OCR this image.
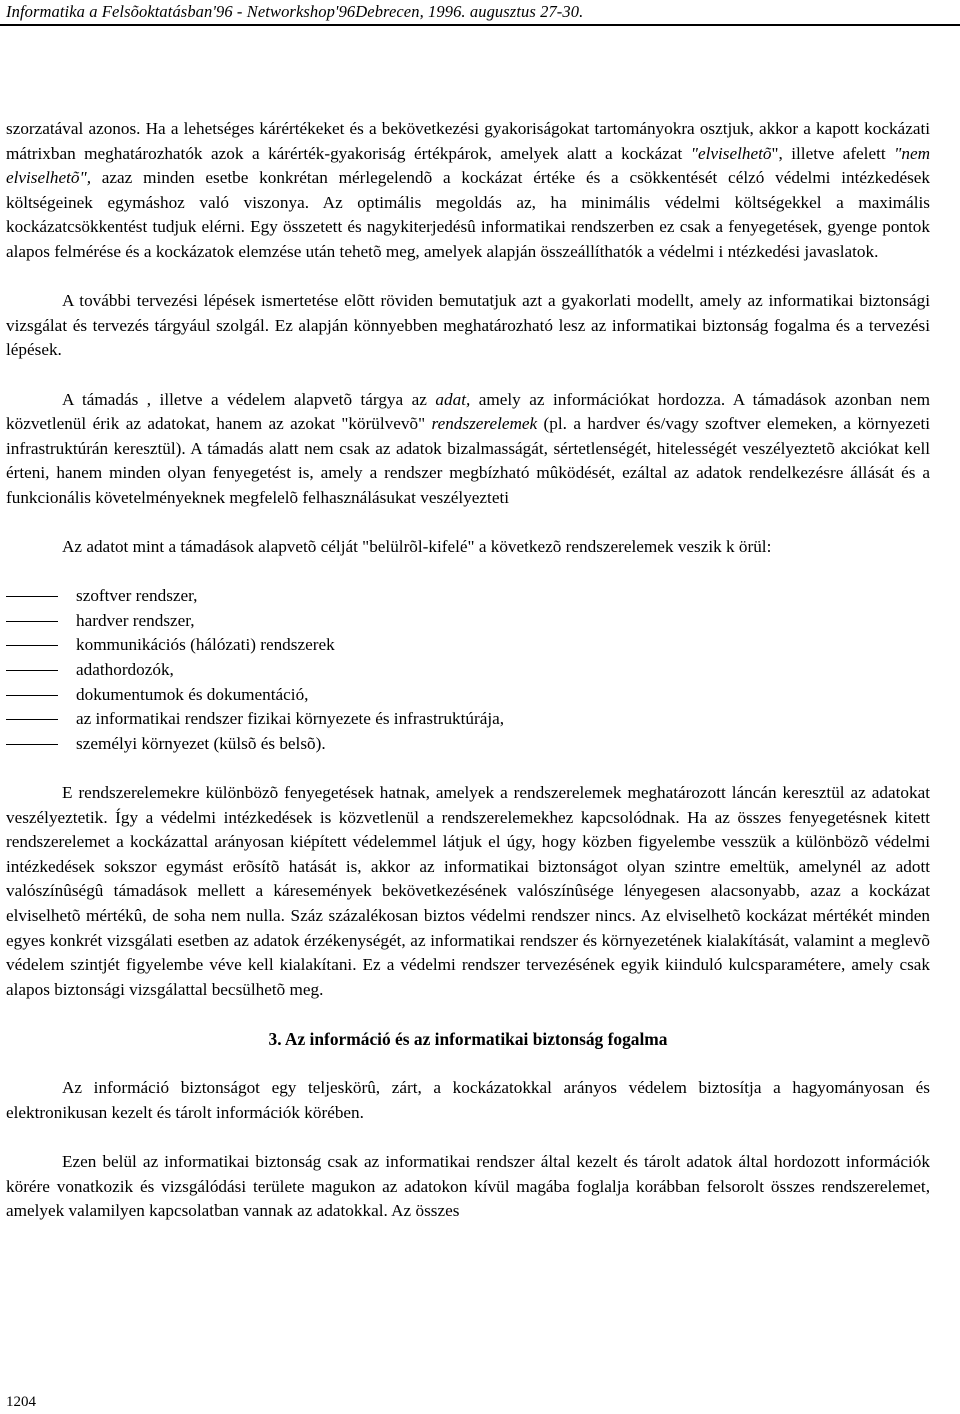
Informatika a Felsõoktatásban'96 - Networkshop'96Debrecen, 1996. augusztus 27-30.

szorzatával azonos. Ha a lehetséges kárértékeket és a bekövetkezési gyakoriságokat tartományokra osztjuk, akkor a kapott kockázati mátrixban meghatározhatók azok a kárérték-gyakoriság értékpárok, amelyek alatt a kockázat "elviselhetõ", illetve afelett "nem elviselhetõ", azaz minden esetbe konkrétan mérlegelendõ a kockázat értéke és a csökkentését célzó védelmi intézkedések költségeinek egymáshoz való viszonya. Az optimális megoldás az, ha minimális védelmi költségekkel a maximális kockázatcsökkentést tudjuk elérni. Egy összetett és nagykiterjedésû informatikai rendszerben ez csak a fenyegetések, gyenge pontok alapos felmérése és a kockázatok elemzése után tehetõ meg, amelyek alapján összeállíthatók a védelmi i ntézkedési javaslatok.

A további tervezési lépések ismertetése elõtt röviden bemutatjuk azt a gyakorlati modellt, amely az informatikai biztonsági vizsgálat és tervezés tárgyául szolgál. Ez alapján könnyebben meghatározható lesz az informatikai biztonság fogalma és a tervezési lépések.

A támadás , illetve a védelem alapvetõ tárgya az adat, amely az információkat hordozza. A támadások azonban nem közvetlenül érik az adatokat, hanem az azokat "körülvevõ" rendszerelemek (pl. a hardver és/vagy szoftver elemeken, a környezeti infrastruktúrán keresztül). A támadás alatt nem csak az adatok bizalmasságát, sértetlenségét, hitelességét veszélyeztetõ akciókat kell érteni, hanem minden olyan fenyegetést is, amely a rendszer megbízható mûködését, ezáltal az adatok rendelkezésre állását és a funkcionális követelményeknek megfelelõ felhasználásukat veszélyezteti

Az adatot mint a támadások alapvetõ célját "belülrõl-kifelé" a következõ rendszerelemek veszik k örül:

szoftver rendszer,
hardver rendszer,
kommunikációs (hálózati) rendszerek
adathordozók,
dokumentumok és dokumentáció,
az informatikai rendszer fizikai környezete és infrastruktúrája,
személyi környezet (külsõ és belsõ).

E rendszerelemekre különbözõ fenyegetések hatnak, amelyek a rendszerelemek meghatározott láncán keresztül az adatokat veszélyeztetik. Így a védelmi intézkedések is közvetlenül a rendszerelemekhez kapcsolódnak. Ha az összes fenyegetésnek kitett rendszerelemet a kockázattal arányosan kiépített védelemmel látjuk el úgy, hogy közben figyelembe vesszük a különbözõ védelmi intézkedések sokszor egymást erõsítõ hatását is, akkor az informatikai biztonságot olyan szintre emeltük, amelynél az adott valószínûségû támadások mellett a káresemények bekövetkezésének valószínûsége lényegesen alacsonyabb, azaz a kockázat elviselhetõ mértékû, de soha nem nulla. Száz százalékosan biztos védelmi rendszer nincs. Az elviselhetõ kockázat mértékét minden egyes konkrét vizsgálati esetben az adatok érzékenységét, az informatikai rendszer és környezetének kialakítását, valamint a meglevõ védelem szintjét figyelembe véve kell kialakítani. Ez a védelmi rendszer tervezésének egyik kiinduló kulcsparamétere, amely csak alapos biztonsági vizsgálattal becsülhetõ meg.

3. Az információ és az informatikai biztonság fogalma

Az információ biztonságot egy teljeskörû, zárt, a kockázatokkal arányos védelem biztosítja a hagyományosan és elektronikusan kezelt és tárolt információk körében.

Ezen belül az informatikai biztonság csak az informatikai rendszer által kezelt és tárolt adatok által hordozott információk körére vonatkozik és vizsgálódási területe magukon az adatokon kívül magába foglalja korábban felsorolt összes rendszerelemet, amelyek valamilyen kapcsolatban vannak az adatokkal. Az összes

1204
